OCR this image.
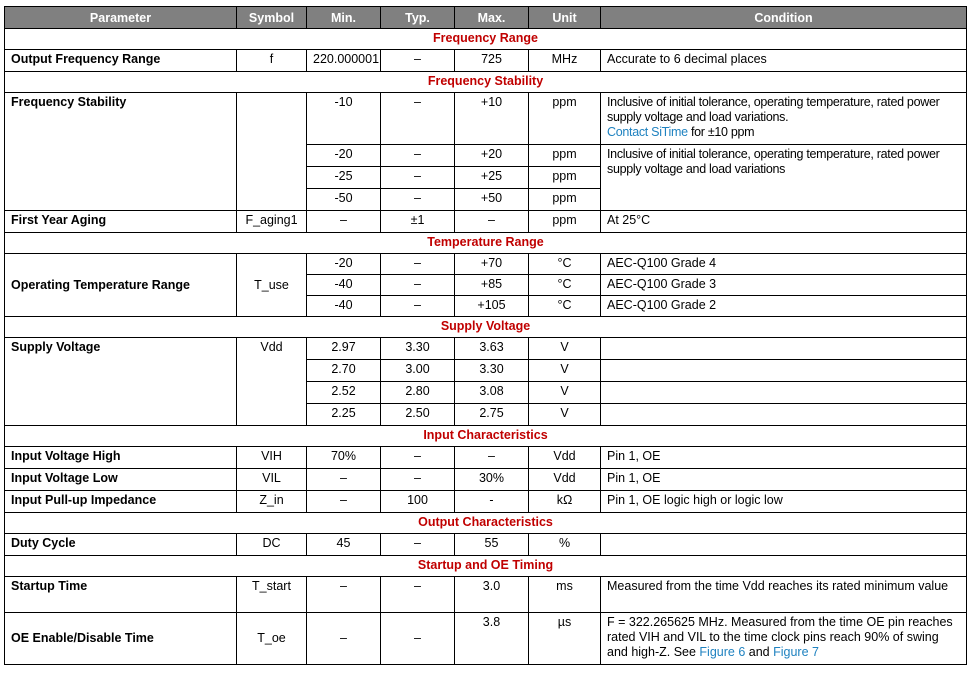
Parameter	Symbol	Min.	Typ.	Max.	Unit	Condition
Frequency Range						
Output Frequency Range	f	220.000001	–	725	MHz	Accurate to 6 decimal places
Frequency Stability						
Frequency Stability		-10	–	+10	ppm	Inclusive of initial tolerance, operating temperature, rated power supply voltage and load variations.
Contact SiTime for ±10 ppm
		-20	–	+20	ppm	Inclusive of initial tolerance, operating temperature, rated power supply voltage and load variations
		-25	–	+25	ppm	
		-50	–	+50	ppm	
First Year Aging	F_aging1	–	±1	–	ppm	At 25°C
Temperature Range						
Operating Temperature Range	T_use	-20	–	+70	°C	AEC-Q100 Grade 4
		-40	–	+85	°C	AEC-Q100 Grade 3
		-40	–	+105	°C	AEC-Q100 Grade 2
Supply Voltage						
Supply Voltage	Vdd	2.97	3.30	3.63	V	
		2.70	3.00	3.30	V	
		2.52	2.80	3.08	V	
		2.25	2.50	2.75	V	
Input Characteristics						
Input Voltage High	VIH	70%	–	–	Vdd	Pin 1, OE
Input Voltage Low	VIL	–	–	30%	Vdd	Pin 1, OE
Input Pull-up Impedance	Z_in	–	100	-	kΩ	Pin 1, OE logic high or logic low
Output Characteristics						
Duty Cycle	DC	45	–	55	%	
Startup and OE Timing						
Startup Time	T_start	–	–	3.0	ms	Measured from the time Vdd reaches its rated minimum value
OE Enable/Disable Time	T_oe	–	–	3.8	µs	F = 322.265625 MHz. Measured from the time OE pin reaches rated VIH and VIL to the time clock pins reach 90% of swing and high-Z. See Figure 6 and Figure 7
